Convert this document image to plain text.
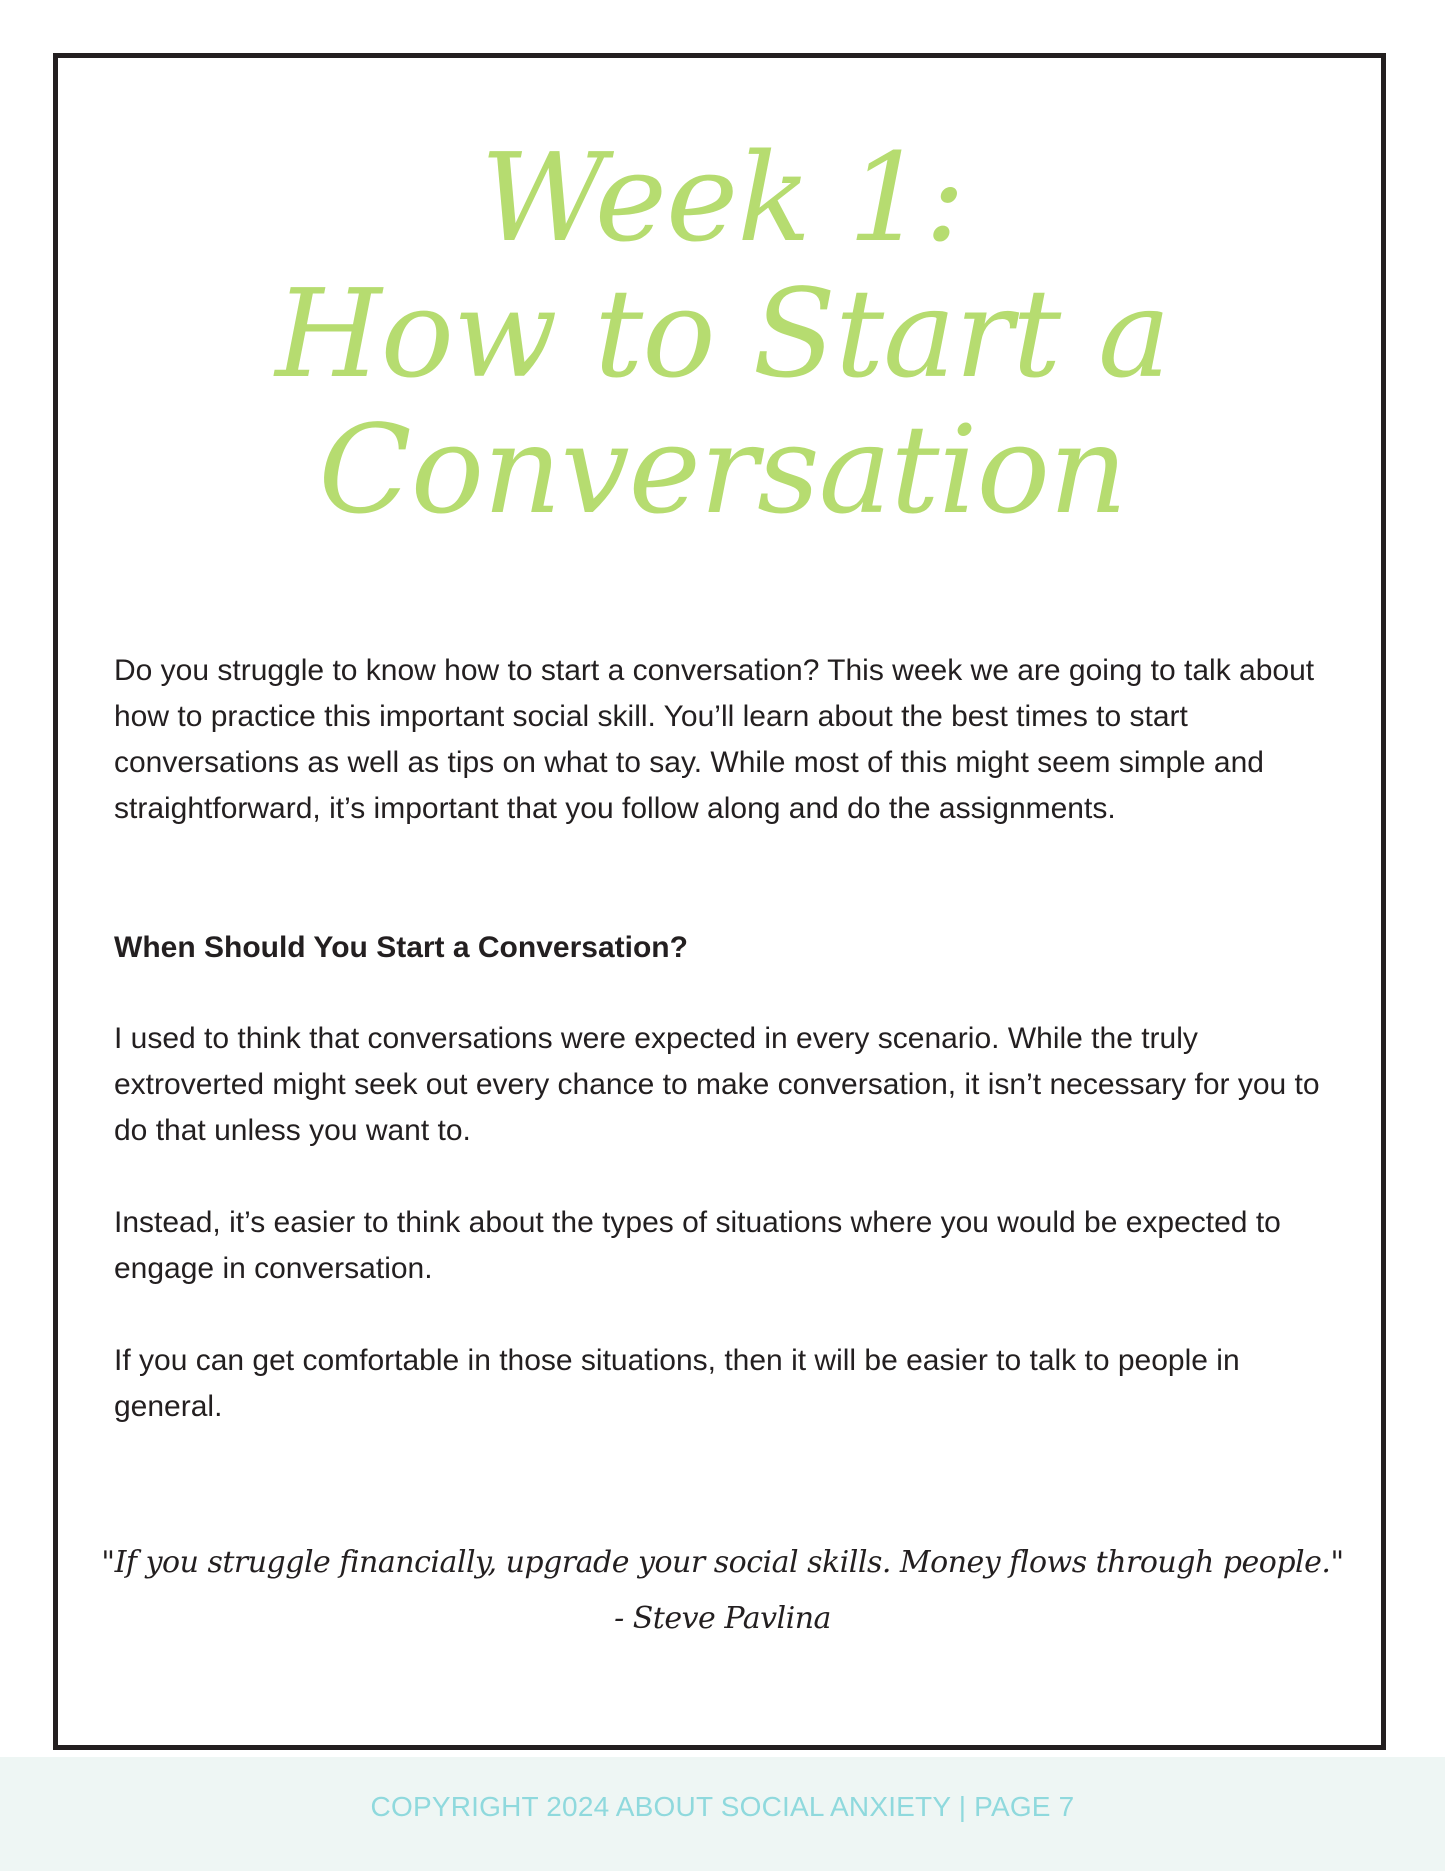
Week 1:
How to Start a
Conversation

Do you struggle to know how to start a conversation? This week we are going to talk about how to practice this important social skill. You’ll learn about the best times to start conversations as well as tips on what to say. While most of this might seem simple and straightforward, it’s important that you follow along and do the assignments.

When Should You Start a Conversation?

I used to think that conversations were expected in every scenario. While the truly extroverted might seek out every chance to make conversation, it isn’t necessary for you to do that unless you want to.

Instead, it’s easier to think about the types of situations where you would be expected to engage in conversation.

If you can get comfortable in those situations, then it will be easier to talk to people in general.

"If you struggle financially, upgrade your social skills. Money flows through people."
- Steve Pavlina
COPYRIGHT 2024 ABOUT SOCIAL ANXIETY | PAGE 7
